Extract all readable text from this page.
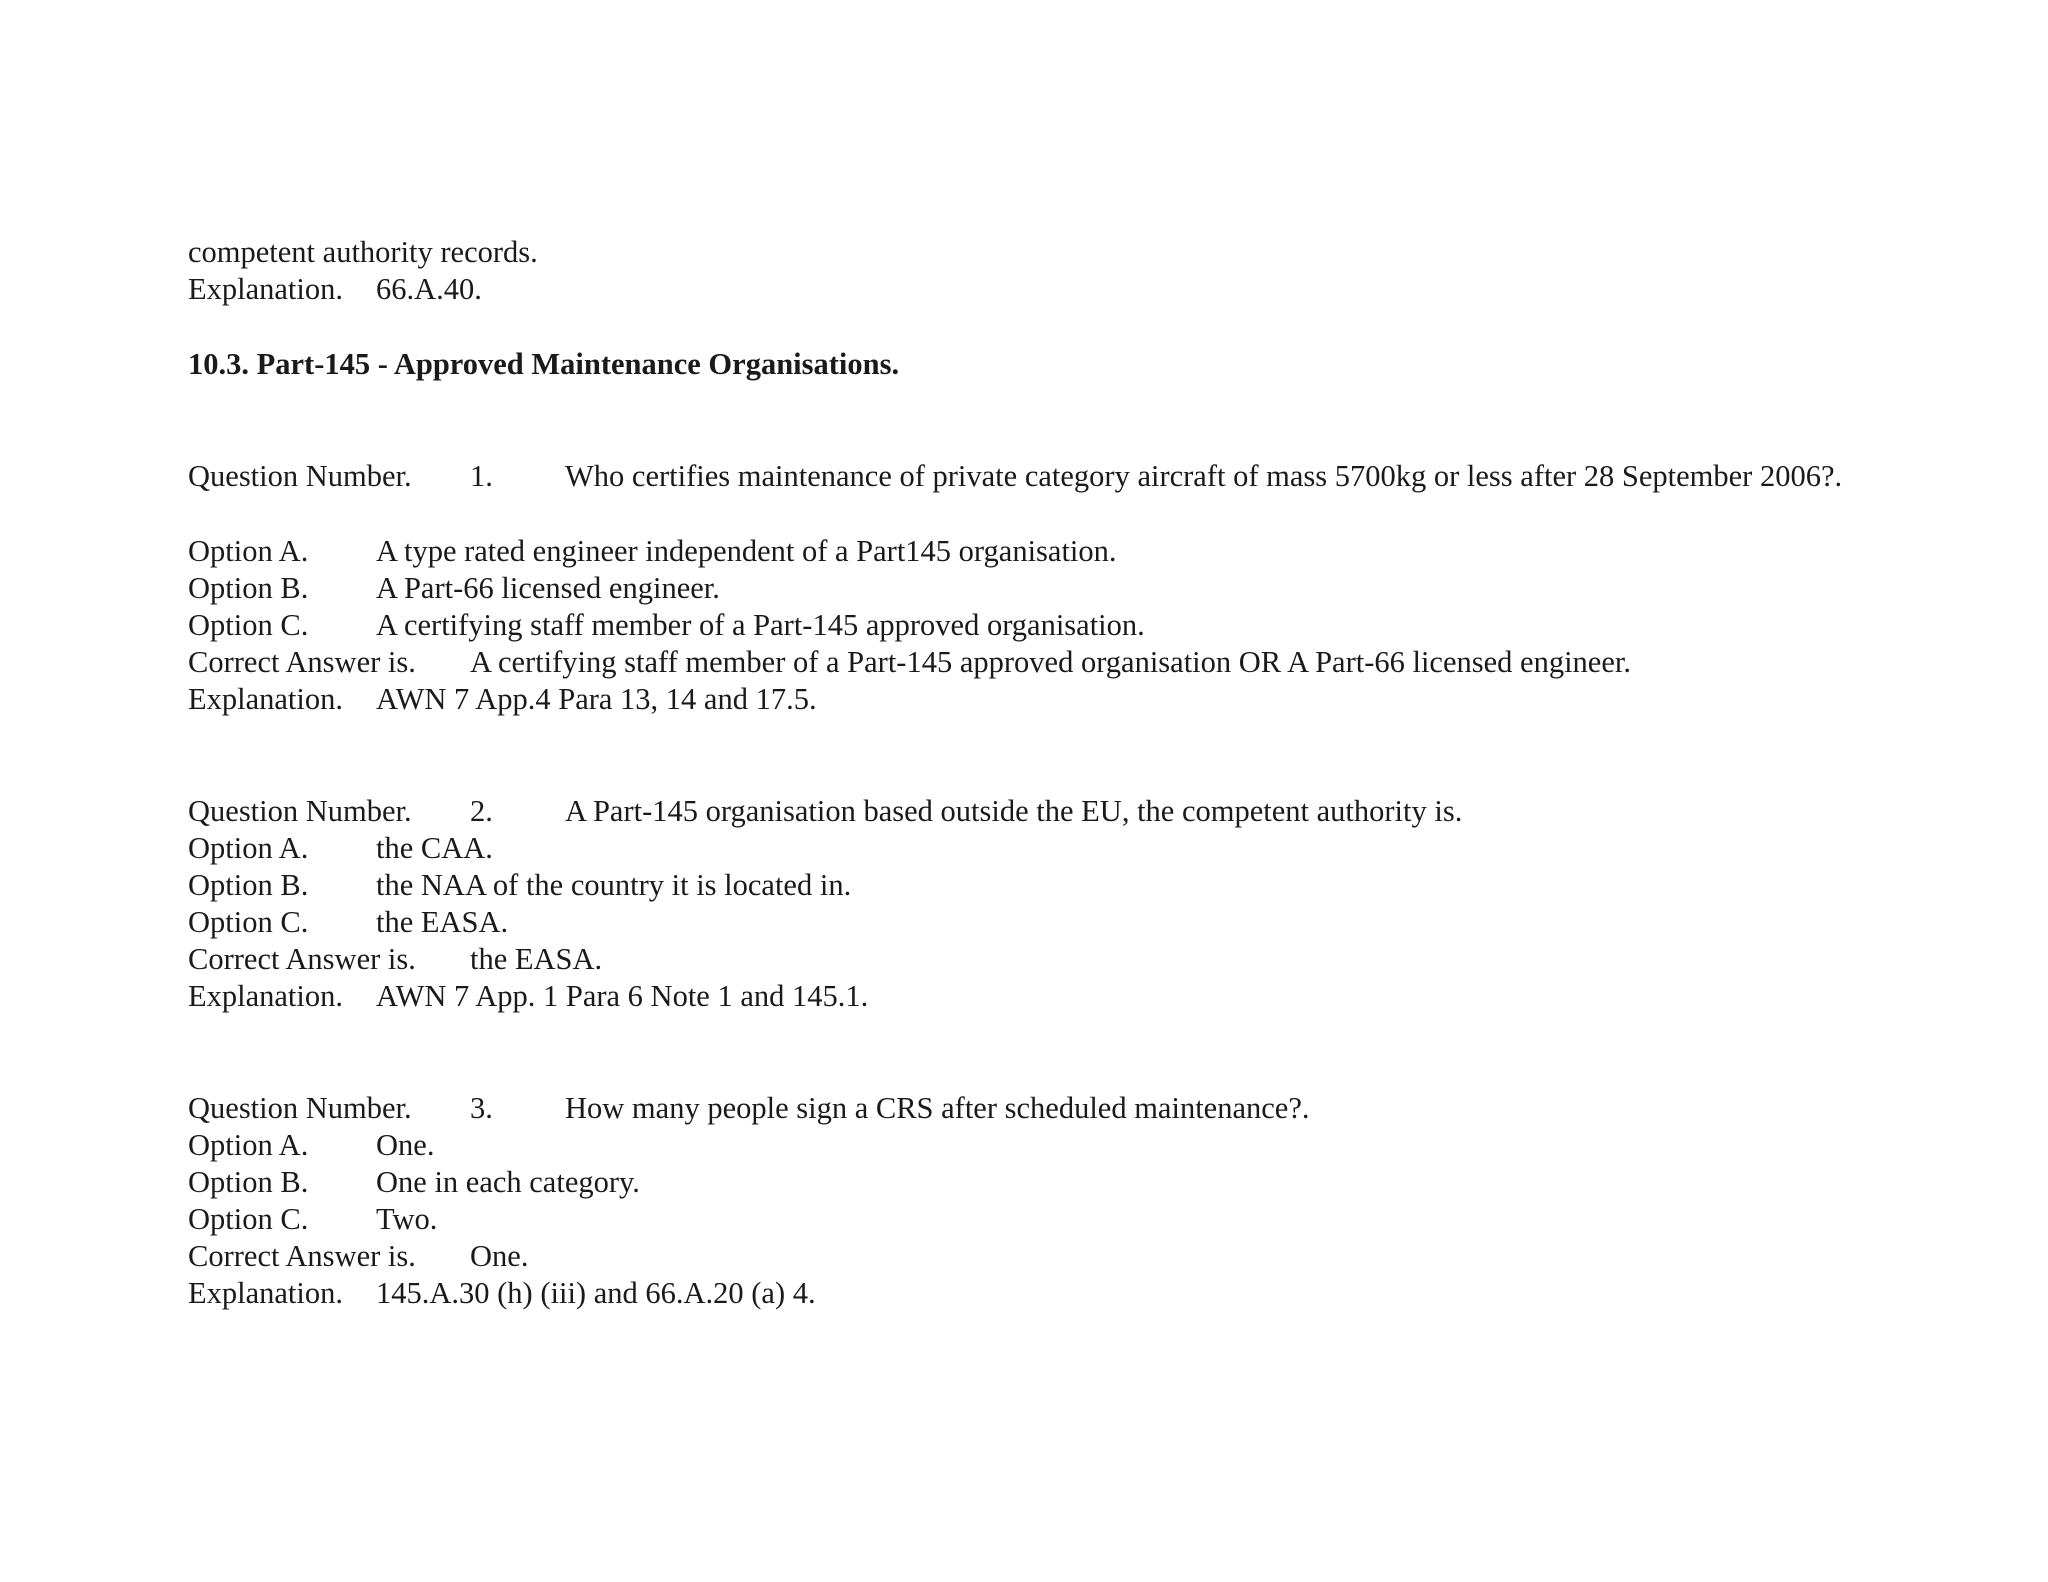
competent authority records.
Explanation. 66.A.40.
10.3. Part-145 - Approved Maintenance Organisations.
Question Number. 1. Who certifies maintenance of private category aircraft of mass 5700kg or less after 28 September 2006?.
Option A. A type rated engineer independent of a Part145 organisation.
Option B. A Part-66 licensed engineer.
Option C. A certifying staff member of a Part-145 approved organisation.
Correct Answer is. A certifying staff member of a Part-145 approved organisation OR A Part-66 licensed engineer.
Explanation. AWN 7 App.4 Para 13, 14 and 17.5.
Question Number. 2. A Part-145 organisation based outside the EU, the competent authority is.
Option A. the CAA.
Option B. the NAA of the country it is located in.
Option C. the EASA.
Correct Answer is. the EASA.
Explanation. AWN 7 App. 1 Para 6 Note 1 and 145.1.
Question Number. 3. How many people sign a CRS after scheduled maintenance?.
Option A. One.
Option B. One in each category.
Option C. Two.
Correct Answer is. One.
Explanation. 145.A.30 (h) (iii) and 66.A.20 (a) 4.
